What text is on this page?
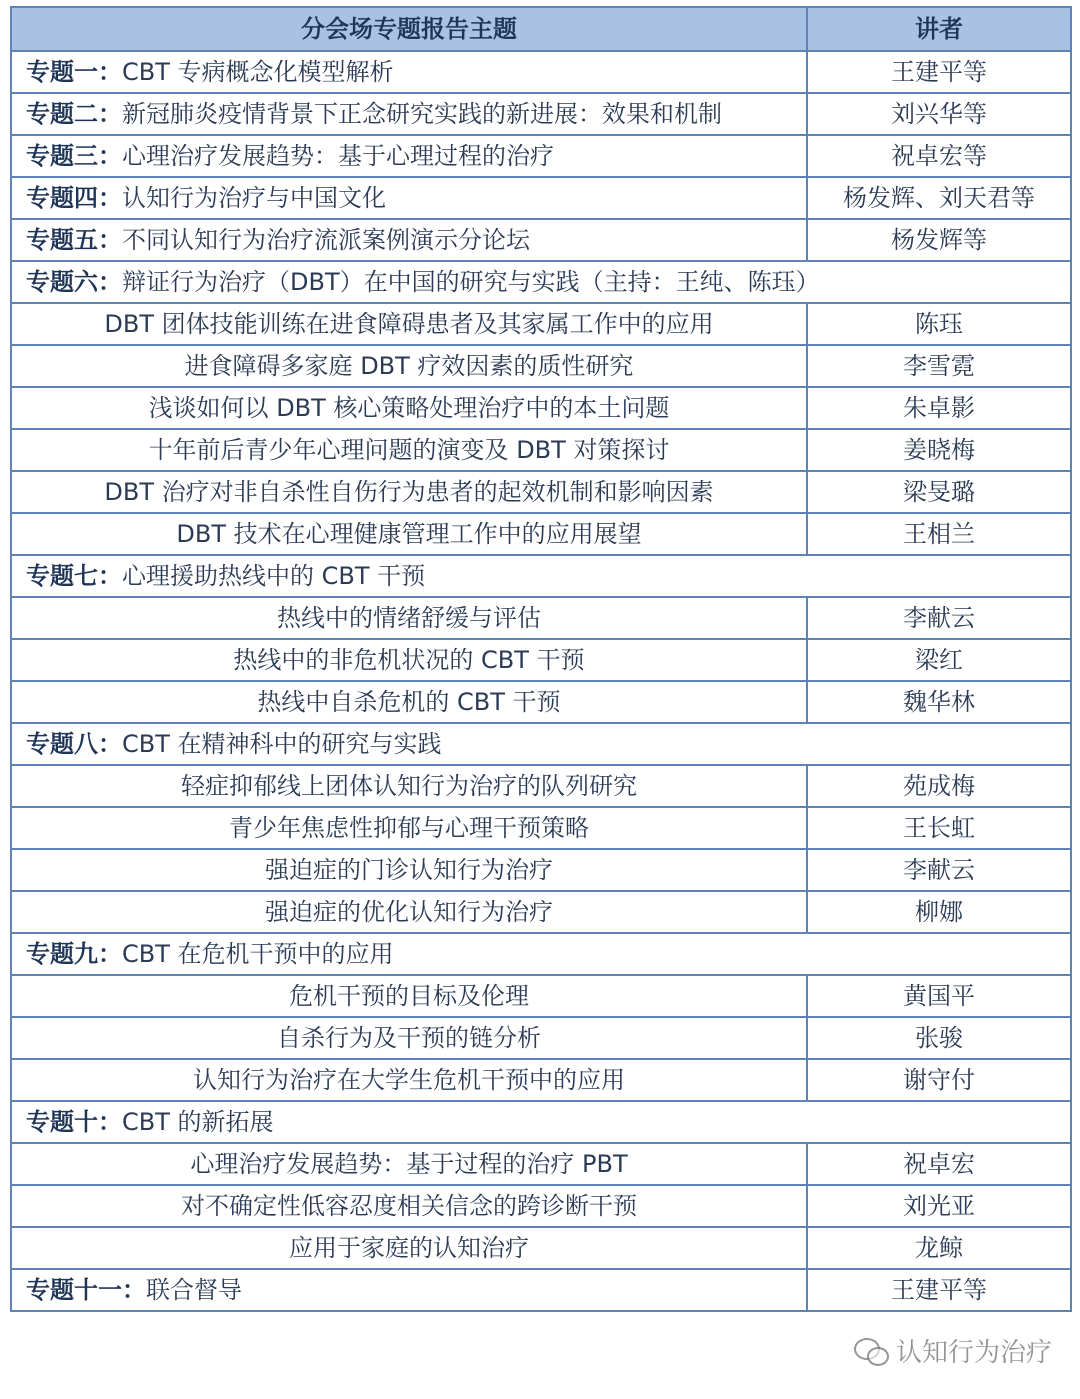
分会场专题报告主题	讲者
专题一：CBT 专病概念化模型解析	王建平等
专题二：新冠肺炎疫情背景下正念研究实践的新进展：效果和机制	刘兴华等
专题三：心理治疗发展趋势：基于心理过程的治疗	祝卓宏等
专题四：认知行为治疗与中国文化	杨发辉、刘天君等
专题五：不同认知行为治疗流派案例演示分论坛	杨发辉等
专题六：辩证行为治疗（DBT）在中国的研究与实践（主持：王纯、陈珏）	
DBT 团体技能训练在进食障碍患者及其家属工作中的应用	陈珏
进食障碍多家庭 DBT 疗效因素的质性研究	李雪霓
浅谈如何以 DBT 核心策略处理治疗中的本土问题	朱卓影
十年前后青少年心理问题的演变及 DBT 对策探讨	姜晓梅
DBT 治疗对非自杀性自伤行为患者的起效机制和影响因素	梁旻璐
DBT 技术在心理健康管理工作中的应用展望	王相兰
专题七：心理援助热线中的 CBT 干预	
热线中的情绪舒缓与评估	李献云
热线中的非危机状况的 CBT 干预	梁红
热线中自杀危机的 CBT 干预	魏华林
专题八：CBT 在精神科中的研究与实践	
轻症抑郁线上团体认知行为治疗的队列研究	苑成梅
青少年焦虑性抑郁与心理干预策略	王长虹
强迫症的门诊认知行为治疗	李献云
强迫症的优化认知行为治疗	柳娜
专题九：CBT 在危机干预中的应用	
危机干预的目标及伦理	黄国平
自杀行为及干预的链分析	张骏
认知行为治疗在大学生危机干预中的应用	谢守付
专题十：CBT 的新拓展	
心理治疗发展趋势：基于过程的治疗 PBT	祝卓宏
对不确定性低容忍度相关信念的跨诊断干预	刘光亚
应用于家庭的认知治疗	龙鲸
专题十一：联合督导	王建平等
认知行为治疗
